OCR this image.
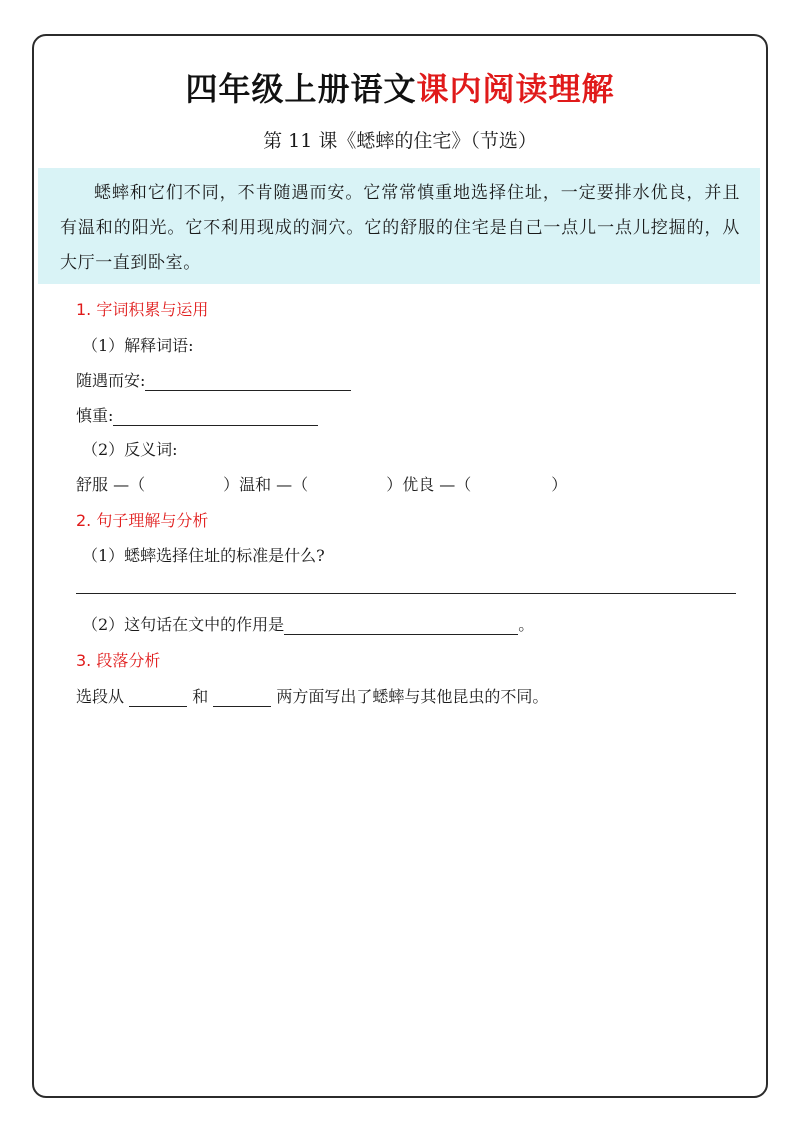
四年级上册语文课内阅读理解
第 11 课《蟋蟀的住宅》（节选）

蟋蟀和它们不同，不肯随遇而安。它常常慎重地选择住址，一定要排水优良，并且有温和的阳光。它不利用现成的洞穴。它的舒服的住宅是自己一点儿一点儿挖掘的，从大厅一直到卧室。

1. 字词积累与运用
（1）解释词语:
随遇而安:
慎重:
（2）反义词:
舒服 —（	）温和 —（	）优良 —（	）
2. 句子理解与分析
（1）蟋蟀选择住址的标准是什么?
（2）这句话在文中的作用是	。
3. 段落分析
选段从	和	两方面写出了蟋蟀与其他昆虫的不同。
